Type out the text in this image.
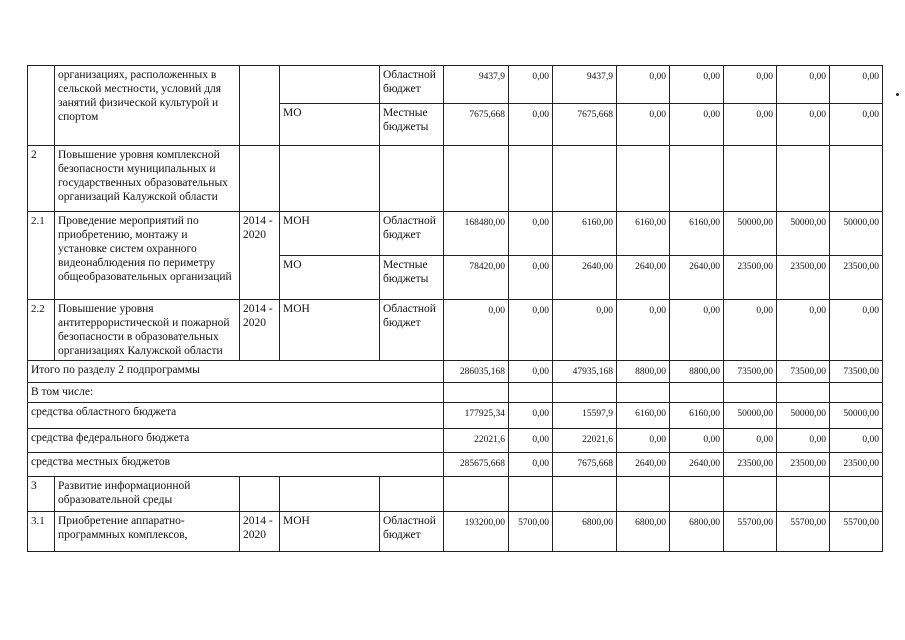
	организациях, расположенных в сельской местности, условий для занятий физической культурой и спортом			Областной бюджет	9437,9	0,00	9437,9	0,00	0,00	0,00	0,00	0,00
			МО	Местные бюджеты	7675,668	0,00	7675,668	0,00	0,00	0,00	0,00	0,00
2	Повышение уровня комплексной безопасности муниципальных и государственных образовательных организаций Калужской области											
2.1	Проведение мероприятий по приобретению, монтажу и установке систем охранного видеонаблюдения по периметру общеобразовательных организаций	2014 - 2020	МОН	Областной бюджет	168480,00	0,00	6160,00	6160,00	6160,00	50000,00	50000,00	50000,00
			МО	Местные бюджеты	78420,00	0,00	2640,00	2640,00	2640,00	23500,00	23500,00	23500,00
2.2	Повышение уровня антитеррористической и пожарной безопасности в образовательных организациях Калужской области	2014 - 2020	МОН	Областной бюджет	0,00	0,00	0,00	0,00	0,00	0,00	0,00	0,00
Итого по разделу 2 подпрограммы					286035,168	0,00	47935,168	8800,00	8800,00	73500,00	73500,00	73500,00
В том числе:												
средства областного бюджета					177925,34	0,00	15597,9	6160,00	6160,00	50000,00	50000,00	50000,00
средства федерального бюджета					22021,6	0,00	22021,6	0,00	0,00	0,00	0,00	0,00
средства местных бюджетов					285675,668	0,00	7675,668	2640,00	2640,00	23500,00	23500,00	23500,00
3	Развитие информационной образовательной среды											
3.1	Приобретение аппаратно-программных комплексов,	2014 - 2020	МОН	Областной бюджет	193200,00	5700,00	6800,00	6800,00	6800,00	55700,00	55700,00	55700,00
